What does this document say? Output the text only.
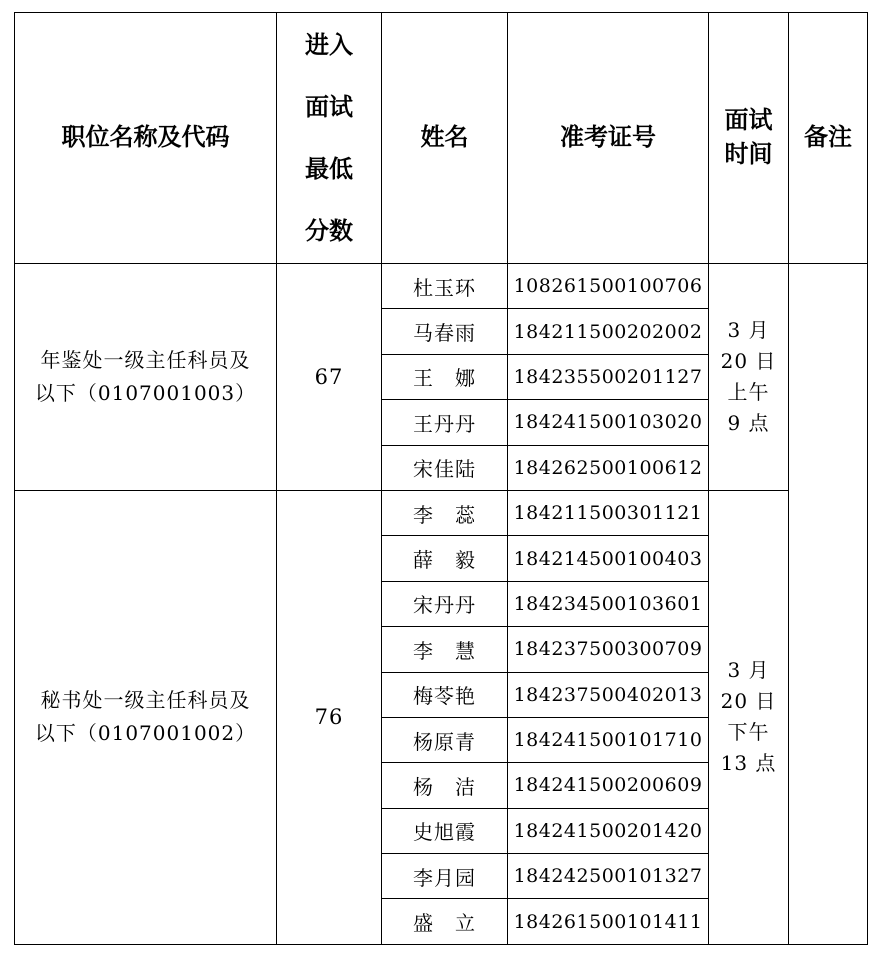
职位名称及代码	进入
面试
最低
分数	姓名	准考证号	面试
时间	备注

年鉴处一级主任科员及
以下（0107001003）	67	杜玉环	108261500100706	3 月
20 日
上午
9 点	

		马春雨	184211500202002		
		王　娜	184235500201127		
		王丹丹	184241500103020		
		宋佳陆	184262500100612		

秘书处一级主任科员及
以下（0107001002）	76	李　蕊	184211500301121	3 月
20 日
下午
13 点	

		薛　毅	184214500100403		
		宋丹丹	184234500103601		
		李　慧	184237500300709		
		梅苓艳	184237500402013		
		杨原青	184241500101710		
		杨　洁	184241500200609		
		史旭霞	184241500201420		
		李月园	184242500101327		
		盛　立	184261500101411		
